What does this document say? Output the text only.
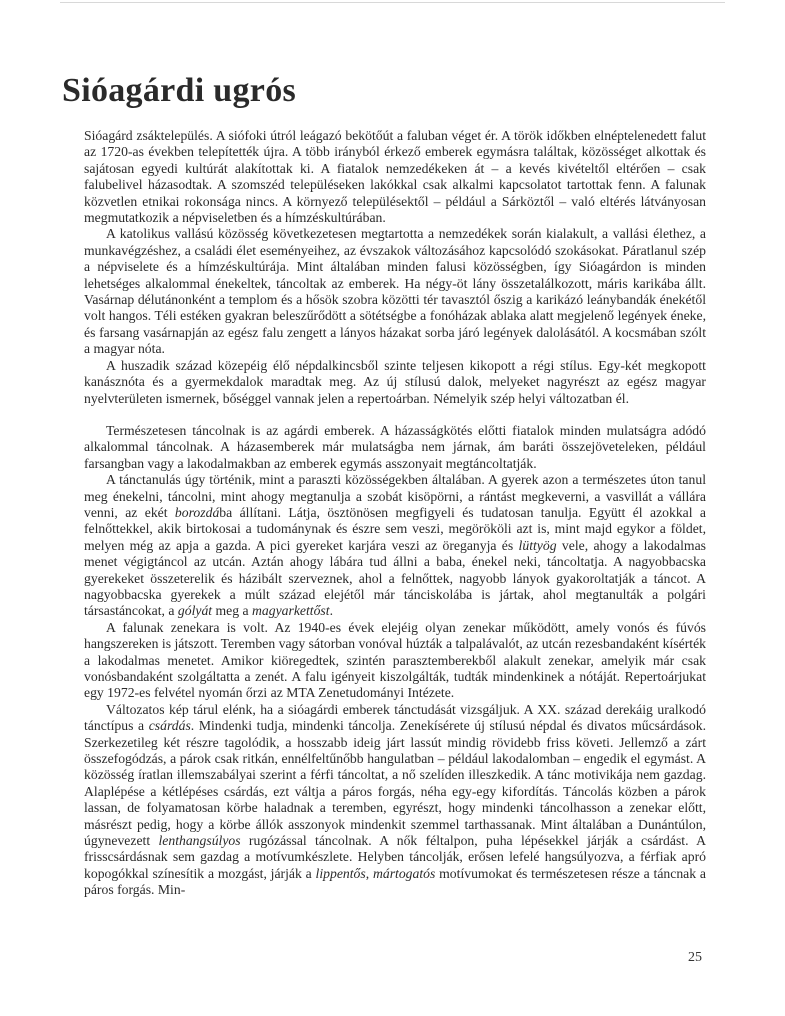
Sióagárdi ugrós

Sióagárd zsáktelepülés. A siófoki útról leágazó bekötőút a faluban véget ér. A török időkben elnéptelenedett falut az 1720-as években telepítették újra. A több irányból érkező emberek egymásra találtak, közösséget alkottak és sajátosan egyedi kultúrát alakítottak ki. A fiatalok nemzedékeken át – a kevés kivételtől eltérően – csak falubelivel házasodtak. A szomszéd településeken lakókkal csak alkalmi kapcsolatot tartottak fenn. A falunak közvetlen etnikai rokonsága nincs. A környező településektől – például a Sárköztől – való eltérés látványosan megmutatkozik a népviseletben és a hímzéskultúrában.

A katolikus vallású közösség következetesen megtartotta a nemzedékek során kialakult, a vallási élethez, a munkavégzéshez, a családi élet eseményeihez, az évszakok változásához kapcsolódó szokásokat. Páratlanul szép a népviselete és a hímzéskultúrája. Mint általában minden falusi közösségben, így Sióagárdon is minden lehetséges alkalommal énekeltek, táncoltak az emberek. Ha négy-öt lány összetalálkozott, máris karikába állt. Vasárnap délutánonként a templom és a hősök szobra közötti tér tavasztól őszig a karikázó leánybandák énekétől volt hangos. Téli estéken gyakran beleszűrődött a sötétségbe a fonóházak ablaka alatt megjelenő legények éneke, és farsang vasárnapján az egész falu zengett a lányos házakat sorba járó legények dalolásától. A kocsmában szólt a magyar nóta.

A huszadik század közepéig élő népdalkincsből szinte teljesen kikopott a régi stílus. Egy-két megkopott kanásznóta és a gyermekdalok maradtak meg. Az új stílusú dalok, melyeket nagyrészt az egész magyar nyelvterületen ismernek, bőséggel vannak jelen a repertoárban. Némelyik szép helyi változatban él.

Természetesen táncolnak is az agárdi emberek. A házasságkötés előtti fiatalok minden mulatságra adódó alkalommal táncolnak. A házasemberek már mulatságba nem járnak, ám baráti összejöveteleken, például farsangban vagy a lakodalmakban az emberek egymás asszonyait megtáncoltatják.

A tánctanulás úgy történik, mint a paraszti közösségekben általában. A gyerek azon a természetes úton tanul meg énekelni, táncolni, mint ahogy megtanulja a szobát kisöpörni, a rántást megkeverni, a vasvillát a vállára venni, az ekét borozdába állítani. Látja, ösztönösen megfigyeli és tudatosan tanulja. Együtt él azokkal a felnőttekkel, akik birtokosai a tudománynak és észre sem veszi, megörököli azt is, mint majd egykor a földet, melyen még az apja a gazda. A pici gyereket karjára veszi az öreganyja és lüttyög vele, ahogy a lakodalmas menet végigtáncol az utcán. Aztán ahogy lábára tud állni a baba, énekel neki, táncoltatja. A nagyobbacska gyerekeket összeterelik és házibált szerveznek, ahol a felnőttek, nagyobb lányok gyakoroltatják a táncot. A nagyobbacska gyerekek a múlt század elejétől már tánciskolába is jártak, ahol megtanulták a polgári társastáncokat, a gólyát meg a magyarkettőst.

A falunak zenekara is volt. Az 1940-es évek elejéig olyan zenekar működött, amely vonós és fúvós hangszereken is játszott. Teremben vagy sátorban vonóval húzták a talpalávalót, az utcán rezesbandaként kísérték a lakodalmas menetet. Amikor kiöregedtek, szintén parasztemberekből alakult zenekar, amelyik már csak vonósbandaként szolgáltatta a zenét. A falu igényeit kiszolgálták, tudták mindenkinek a nótáját. Repertoárjukat egy 1972-es felvétel nyomán őrzi az MTA Zenetudományi Intézete.

Változatos kép tárul elénk, ha a sióagárdi emberek tánctudását vizsgáljuk. A XX. század derekáig uralkodó tánctípus a csárdás. Mindenki tudja, mindenki táncolja. Zenekísérete új stílusú népdal és divatos műcsárdások. Szerkezetileg két részre tagolódik, a hosszabb ideig járt lassút mindig rövidebb friss követi. Jellemző a zárt összefogódzás, a párok csak ritkán, ennélfeltűnőbb hangulatban – például lakodalomban – engedik el egymást. A közösség íratlan illemszabályai szerint a férfi táncoltat, a nő szelíden illeszkedik. A tánc motivikája nem gazdag. Alaplépése a kétlépéses csárdás, ezt váltja a páros forgás, néha egy-egy kifordítás. Táncolás közben a párok lassan, de folyamatosan körbe haladnak a teremben, egyrészt, hogy mindenki táncolhasson a zenekar előtt, másrészt pedig, hogy a körbe állók asszonyok mindenkit szemmel tarthassanak. Mint általában a Dunántúlon, úgynevezett lenthangsúlyos rugózással táncolnak. A nők féltalpon, puha lépésekkel járják a csárdást. A frisscsárdásnak sem gazdag a motívumkészlete. Helyben táncolják, erősen lefelé hangsúlyozva, a férfiak apró kopogókkal színesítik a mozgást, járják a lippentős, mártogatós motívumokat és természetesen része a táncnak a páros forgás. Min-

25
